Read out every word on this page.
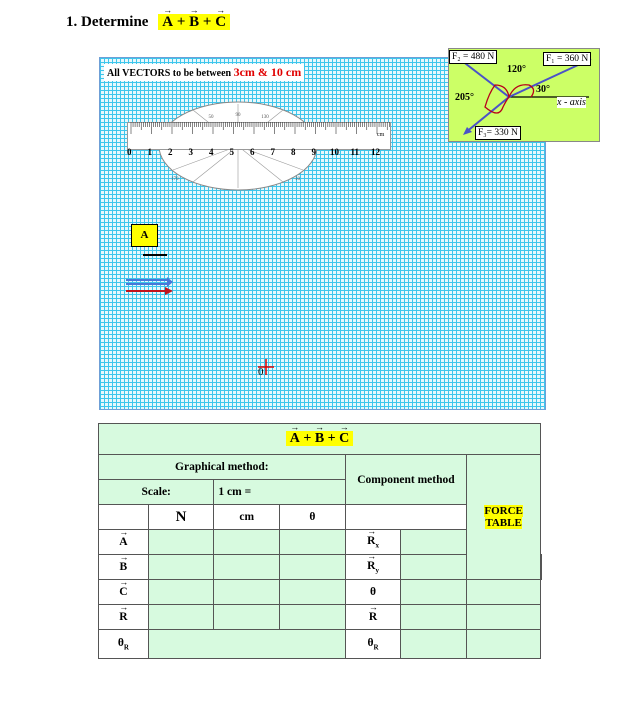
1. Determine → A + → B + → C
All VECTORS to be between 3cm & 10 cm
90
50	130
170	10
cm
0 1 2 3 4 5 6 7 8 9 10 11 12
A
0
F₂ = 480 N	F₁ = 360 N
F₃= 330 N
120°
30°
205°	x - axis
→ A + → B + → C
Graphical method:				Component method		FORCE TABLE	
Scale:		1 cm =					
	N	cm	θ				
→ A				→ $R_x$	
→ B				→ $R_y$		
→ C				θ			
→ R				→ R		
$\theta_R$				$\theta_R$		
